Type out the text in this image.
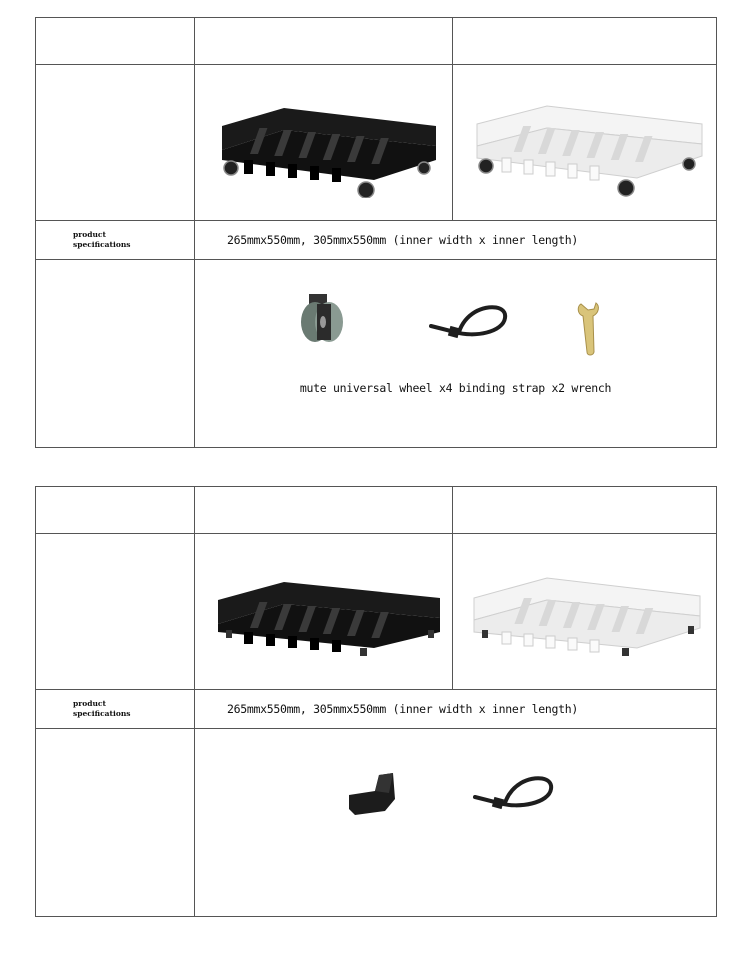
product
specifications	265mmx550mm, 305mmx550mm (inner width x inner length)	

	mute universal wheel x4 binding strap x2 wrench	

product
specifications	265mmx550mm, 305mmx550mm (inner width x inner length)	
